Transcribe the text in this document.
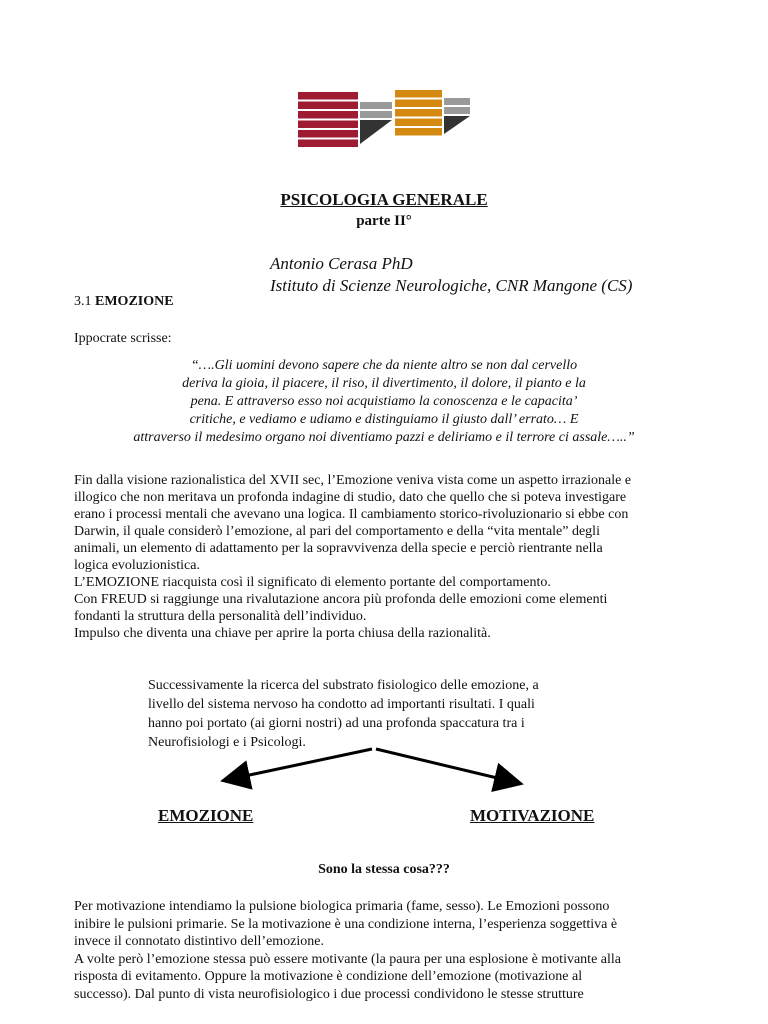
PSICOLOGIA GENERALE
parte II°
Antonio Cerasa PhD
Istituto di Scienze Neurologiche, CNR Mangone (CS)
3.1 EMOZIONE
Ippocrate scrisse:
“….Gli uomini devono sapere che da niente altro se non dal cervello
deriva la gioia, il piacere, il riso, il divertimento, il dolore, il pianto e la
pena. E attraverso esso noi acquistiamo la conoscenza e le capacita’
critiche, e vediamo e udiamo e distinguiamo il giusto dall’ errato… E
attraverso il medesimo organo noi diventiamo pazzi e deliriamo e il terrore ci assale…..”
Fin dalla visione razionalistica del XVII sec, l’Emozione veniva vista come un aspetto irrazionale e
illogico che non meritava un profonda indagine di studio, dato che quello che si poteva investigare
erano i processi mentali che avevano una logica. Il cambiamento storico-rivoluzionario si ebbe con
Darwin, il quale considerò l’emozione, al pari del comportamento e della “vita mentale” degli
animali, un elemento di adattamento per la sopravvivenza della specie e perciò rientrante nella
logica evoluzionistica.
L’EMOZIONE riacquista così il significato di elemento portante del comportamento.
Con FREUD si raggiunge una rivalutazione ancora più profonda delle emozioni come elementi
fondanti la struttura della personalità dell’individuo.
Impulso che diventa una chiave per aprire la porta chiusa della razionalità.
Successivamente la ricerca del substrato fisiologico delle emozione, a
livello del sistema nervoso ha condotto ad importanti risultati. I quali
hanno poi portato (ai giorni nostri) ad una profonda spaccatura tra i
Neurofisiologi e i Psicologi.
EMOZIONE	MOTIVAZIONE
Sono la stessa cosa???
Per motivazione intendiamo la pulsione biologica primaria (fame, sesso). Le Emozioni possono
inibire le pulsioni primarie. Se la motivazione è una condizione interna, l’esperienza soggettiva è
invece il connotato distintivo dell’emozione.
A volte però l’emozione stessa può essere motivante (la paura per una esplosione è motivante alla
risposta di evitamento. Oppure la motivazione è condizione dell’emozione (motivazione al
successo). Dal punto di vista neurofisiologico i due processi condividono le stesse strutture
